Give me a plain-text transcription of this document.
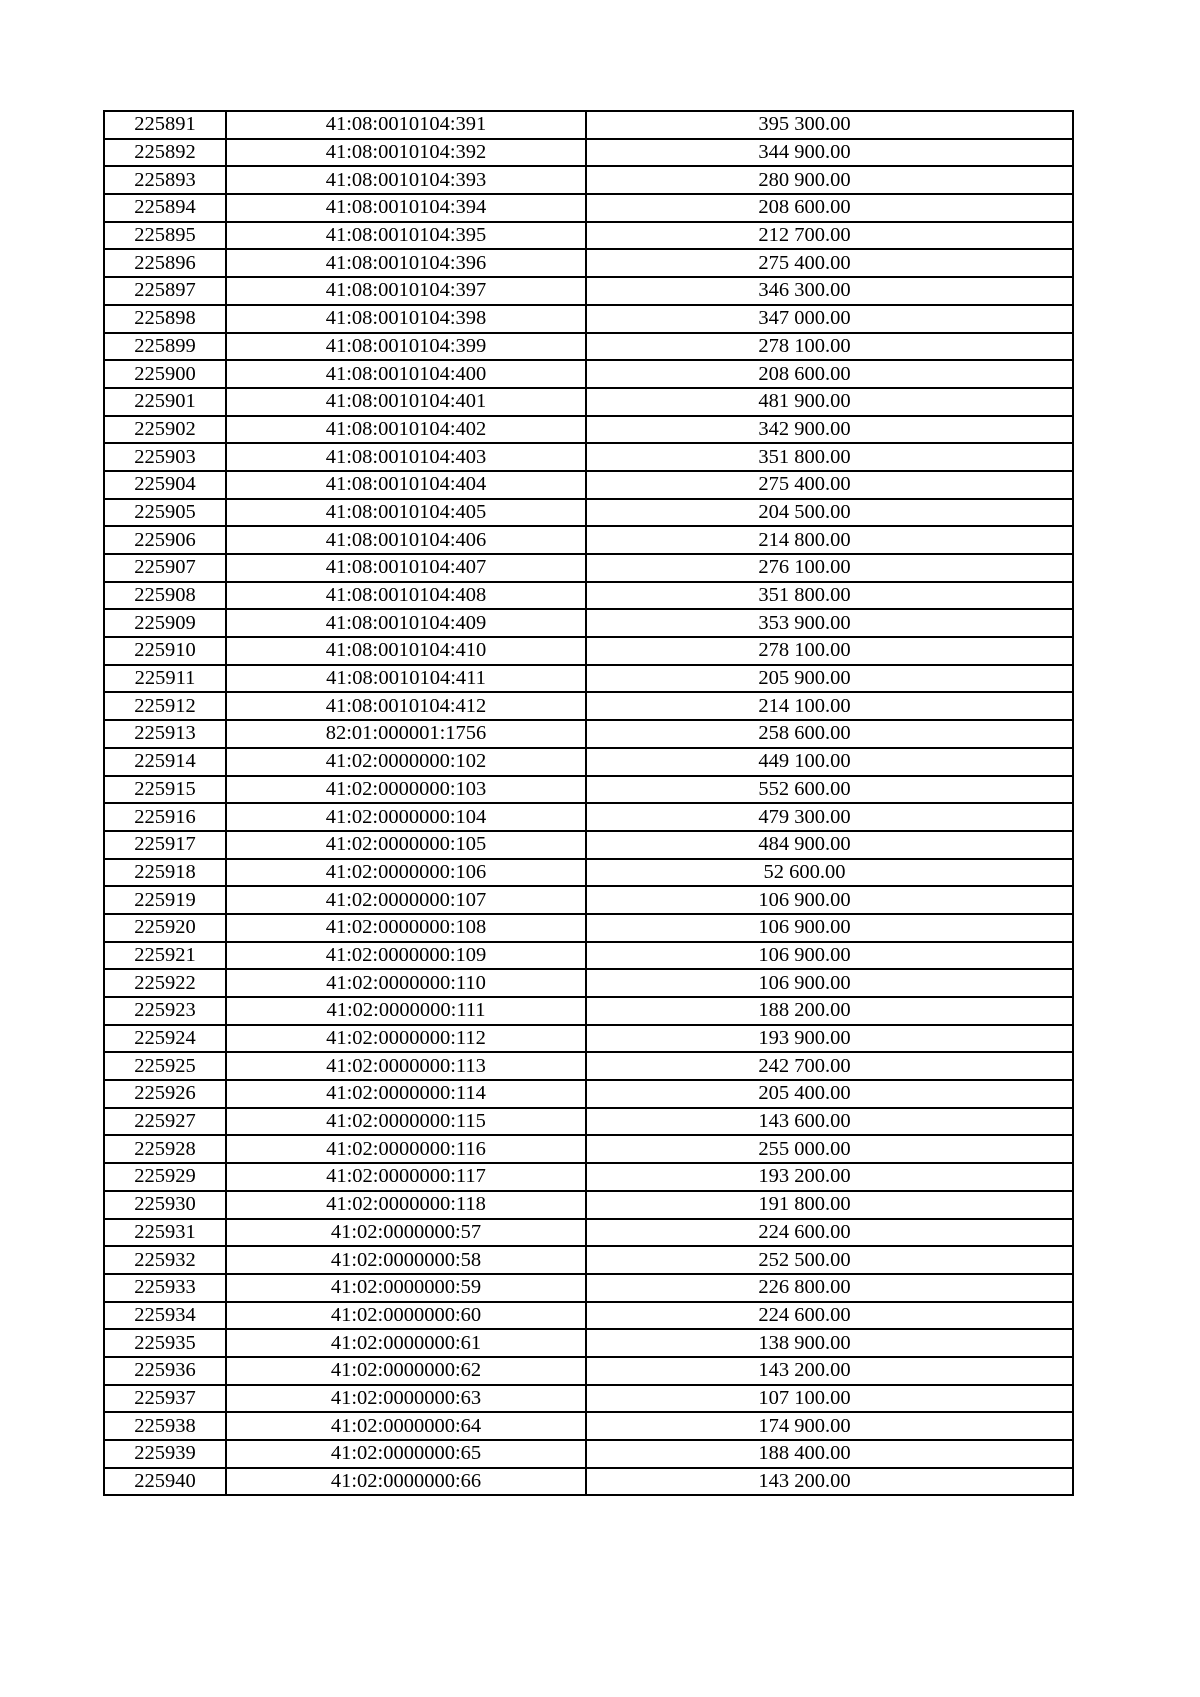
225891	41:08:0010104:391	395 300.00
225892	41:08:0010104:392	344 900.00
225893	41:08:0010104:393	280 900.00
225894	41:08:0010104:394	208 600.00
225895	41:08:0010104:395	212 700.00
225896	41:08:0010104:396	275 400.00
225897	41:08:0010104:397	346 300.00
225898	41:08:0010104:398	347 000.00
225899	41:08:0010104:399	278 100.00
225900	41:08:0010104:400	208 600.00
225901	41:08:0010104:401	481 900.00
225902	41:08:0010104:402	342 900.00
225903	41:08:0010104:403	351 800.00
225904	41:08:0010104:404	275 400.00
225905	41:08:0010104:405	204 500.00
225906	41:08:0010104:406	214 800.00
225907	41:08:0010104:407	276 100.00
225908	41:08:0010104:408	351 800.00
225909	41:08:0010104:409	353 900.00
225910	41:08:0010104:410	278 100.00
225911	41:08:0010104:411	205 900.00
225912	41:08:0010104:412	214 100.00
225913	82:01:000001:1756	258 600.00
225914	41:02:0000000:102	449 100.00
225915	41:02:0000000:103	552 600.00
225916	41:02:0000000:104	479 300.00
225917	41:02:0000000:105	484 900.00
225918	41:02:0000000:106	52 600.00
225919	41:02:0000000:107	106 900.00
225920	41:02:0000000:108	106 900.00
225921	41:02:0000000:109	106 900.00
225922	41:02:0000000:110	106 900.00
225923	41:02:0000000:111	188 200.00
225924	41:02:0000000:112	193 900.00
225925	41:02:0000000:113	242 700.00
225926	41:02:0000000:114	205 400.00
225927	41:02:0000000:115	143 600.00
225928	41:02:0000000:116	255 000.00
225929	41:02:0000000:117	193 200.00
225930	41:02:0000000:118	191 800.00
225931	41:02:0000000:57	224 600.00
225932	41:02:0000000:58	252 500.00
225933	41:02:0000000:59	226 800.00
225934	41:02:0000000:60	224 600.00
225935	41:02:0000000:61	138 900.00
225936	41:02:0000000:62	143 200.00
225937	41:02:0000000:63	107 100.00
225938	41:02:0000000:64	174 900.00
225939	41:02:0000000:65	188 400.00
225940	41:02:0000000:66	143 200.00
